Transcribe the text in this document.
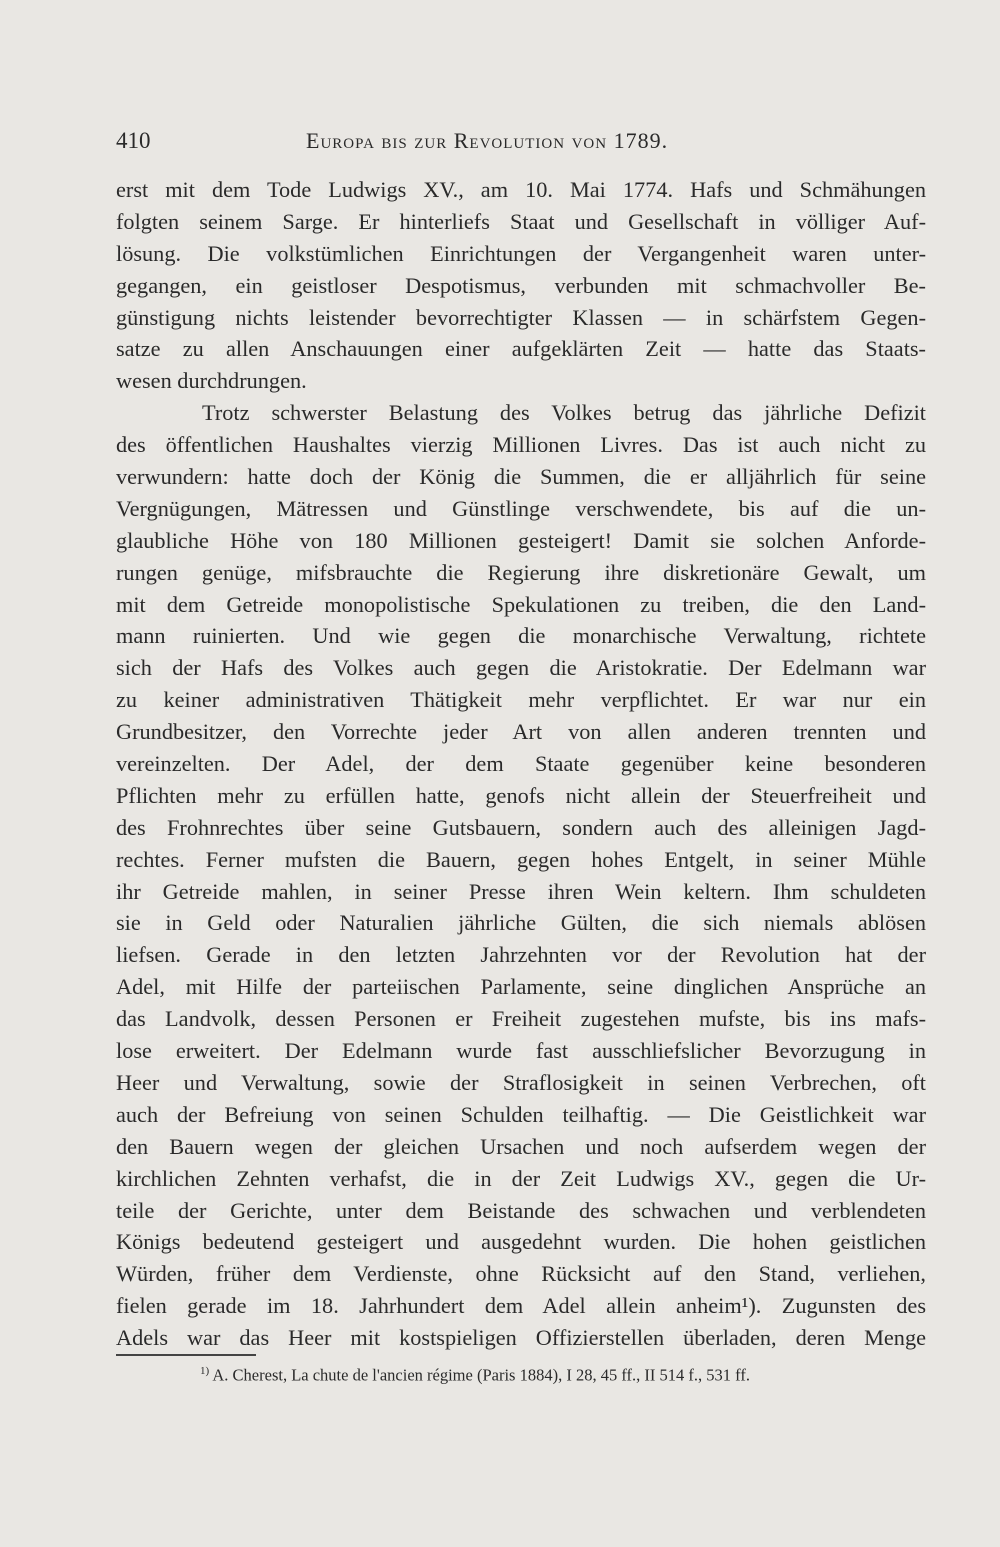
410	Europa bis zur Revolution von 1789.
erst mit dem Tode Ludwigs XV., am 10. Mai 1774. Hafs und Schmähungen
folgten seinem Sarge. Er hinterliefs Staat und Gesellschaft in völliger Auf-
lösung. Die volkstümlichen Einrichtungen der Vergangenheit waren unter-
gegangen, ein geistloser Despotismus, verbunden mit schmachvoller Be-
günstigung nichts leistender bevorrechtigter Klassen — in schärfstem Gegen-
satze zu allen Anschauungen einer aufgeklärten Zeit — hatte das Staats-
wesen durchdrungen.
Trotz schwerster Belastung des Volkes betrug das jährliche Defizit
des öffentlichen Haushaltes vierzig Millionen Livres. Das ist auch nicht zu
verwundern: hatte doch der König die Summen, die er alljährlich für seine
Vergnügungen, Mätressen und Günstlinge verschwendete, bis auf die un-
glaubliche Höhe von 180 Millionen gesteigert! Damit sie solchen Anforde-
rungen genüge, mifsbrauchte die Regierung ihre diskretionäre Gewalt, um
mit dem Getreide monopolistische Spekulationen zu treiben, die den Land-
mann ruinierten. Und wie gegen die monarchische Verwaltung, richtete
sich der Hafs des Volkes auch gegen die Aristokratie. Der Edelmann war
zu keiner administrativen Thätigkeit mehr verpflichtet. Er war nur ein
Grundbesitzer, den Vorrechte jeder Art von allen anderen trennten und
vereinzelten. Der Adel, der dem Staate gegenüber keine besonderen
Pflichten mehr zu erfüllen hatte, genofs nicht allein der Steuerfreiheit und
des Frohnrechtes über seine Gutsbauern, sondern auch des alleinigen Jagd-
rechtes. Ferner mufsten die Bauern, gegen hohes Entgelt, in seiner Mühle
ihr Getreide mahlen, in seiner Presse ihren Wein keltern. Ihm schuldeten
sie in Geld oder Naturalien jährliche Gülten, die sich niemals ablösen
liefsen. Gerade in den letzten Jahrzehnten vor der Revolution hat der
Adel, mit Hilfe der parteiischen Parlamente, seine dinglichen Ansprüche an
das Landvolk, dessen Personen er Freiheit zugestehen mufste, bis ins mafs-
lose erweitert. Der Edelmann wurde fast ausschliefslicher Bevorzugung in
Heer und Verwaltung, sowie der Straflosigkeit in seinen Verbrechen, oft
auch der Befreiung von seinen Schulden teilhaftig. — Die Geistlichkeit war
den Bauern wegen der gleichen Ursachen und noch aufserdem wegen der
kirchlichen Zehnten verhafst, die in der Zeit Ludwigs XV., gegen die Ur-
teile der Gerichte, unter dem Beistande des schwachen und verblendeten
Königs bedeutend gesteigert und ausgedehnt wurden. Die hohen geistlichen
Würden, früher dem Verdienste, ohne Rücksicht auf den Stand, verliehen,
fielen gerade im 18. Jahrhundert dem Adel allein anheim¹). Zugunsten des
Adels war das Heer mit kostspieligen Offizierstellen überladen, deren Menge
$^{1)}$ A. Cherest, La chute de l'ancien régime (Paris 1884), I 28, 45 ff., II 514 f., 531 ff.
